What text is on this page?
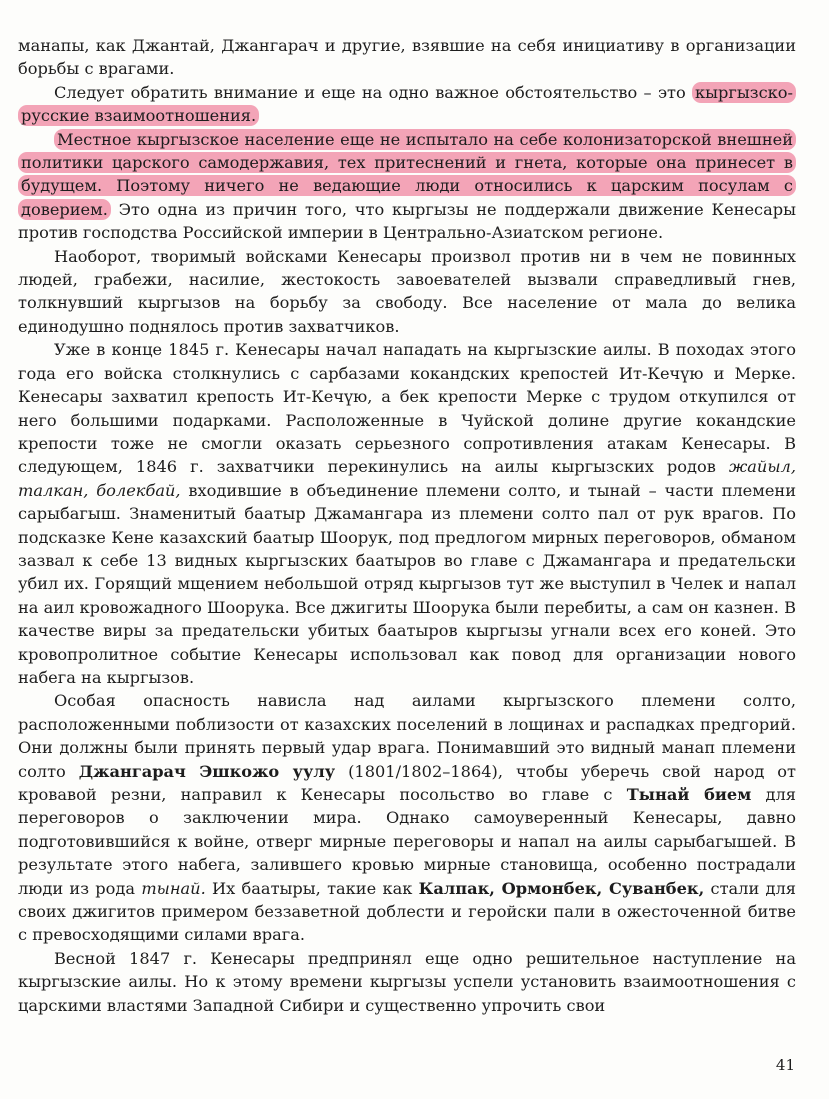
манапы, как Джантай, Джангарач и другие, взявшие на себя инициативу в организации борьбы с врагами.

Следует обратить внимание и еще на одно важное обстоятельство – это кыргызско-русские взаимоотношения.

Местное кыргызское население еще не испытало на себе колонизаторской внешней политики царского самодержавия, тех притеснений и гнета, которые она принесет в будущем. Поэтому ничего не ведающие люди относились к царским посулам с доверием. Это одна из причин того, что кыргызы не поддержали движение Кенесары против господства Российской империи в Центрально-Азиатском регионе.

Наоборот, творимый войсками Кенесары произвол против ни в чем не повинных людей, грабежи, насилие, жестокость завоевателей вызвали справедливый гнев, толкнувший кыргызов на борьбу за свободу. Все население от мала до велика единодушно поднялось против захватчиков.

Уже в конце 1845 г. Кенесары начал нападать на кыргызские аилы. В походах этого года его войска столкнулись с сарбазами кокандских крепостей Ит-Кечүю и Мерке. Кенесары захватил крепость Ит-Кечүю, а бек крепости Мерке с трудом откупился от него большими подарками. Расположенные в Чуйской долине другие кокандские крепости тоже не смогли оказать серьезного сопротивления атакам Кенесары. В следующем, 1846 г. захватчики перекинулись на аилы кыргызских родов жайыл, талкан, болекбай, входившие в объединение племени солто, и тынай – части племени сарыбагыш. Знаменитый баатыр Джамангара из племени солто пал от рук врагов. По подсказке Кене казахский баатыр Шоорук, под предлогом мирных переговоров, обманом зазвал к себе 13 видных кыргызских баатыров во главе с Джамангара и предательски убил их. Горящий мщением небольшой отряд кыргызов тут же выступил в Челек и напал на аил кровожадного Шоорука. Все джигиты Шоорука были перебиты, а сам он казнен. В качестве виры за предательски убитых баатыров кыргызы угнали всех его коней. Это кровопролитное событие Кенесары использовал как повод для организации нового набега на кыргызов.

Особая опасность нависла над аилами кыргызского племени солто, расположенными поблизости от казахских поселений в лощинах и распадках предгорий. Они должны были принять первый удар врага. Понимавший это видный манап племени солто Джангарач Эшкожо уулу (1801/1802–1864), чтобы уберечь свой народ от кровавой резни, направил к Кенесары посольство во главе с Тынай бием для переговоров о заключении мира. Однако самоуверенный Кенесары, давно подготовившийся к войне, отверг мирные переговоры и напал на аилы сарыбагышей. В результате этого набега, залившего кровью мирные становища, особенно пострадали люди из рода тынай. Их баатыры, такие как Калпак, Ормонбек, Суванбек, стали для своих джигитов примером беззаветной доблести и геройски пали в ожесточенной битве с превосходящими силами врага.

Весной 1847 г. Кенесары предпринял еще одно решительное наступление на кыргызские аилы. Но к этому времени кыргызы успели установить взаимоотношения с царскими властями Западной Сибири и существенно упрочить свои

41
